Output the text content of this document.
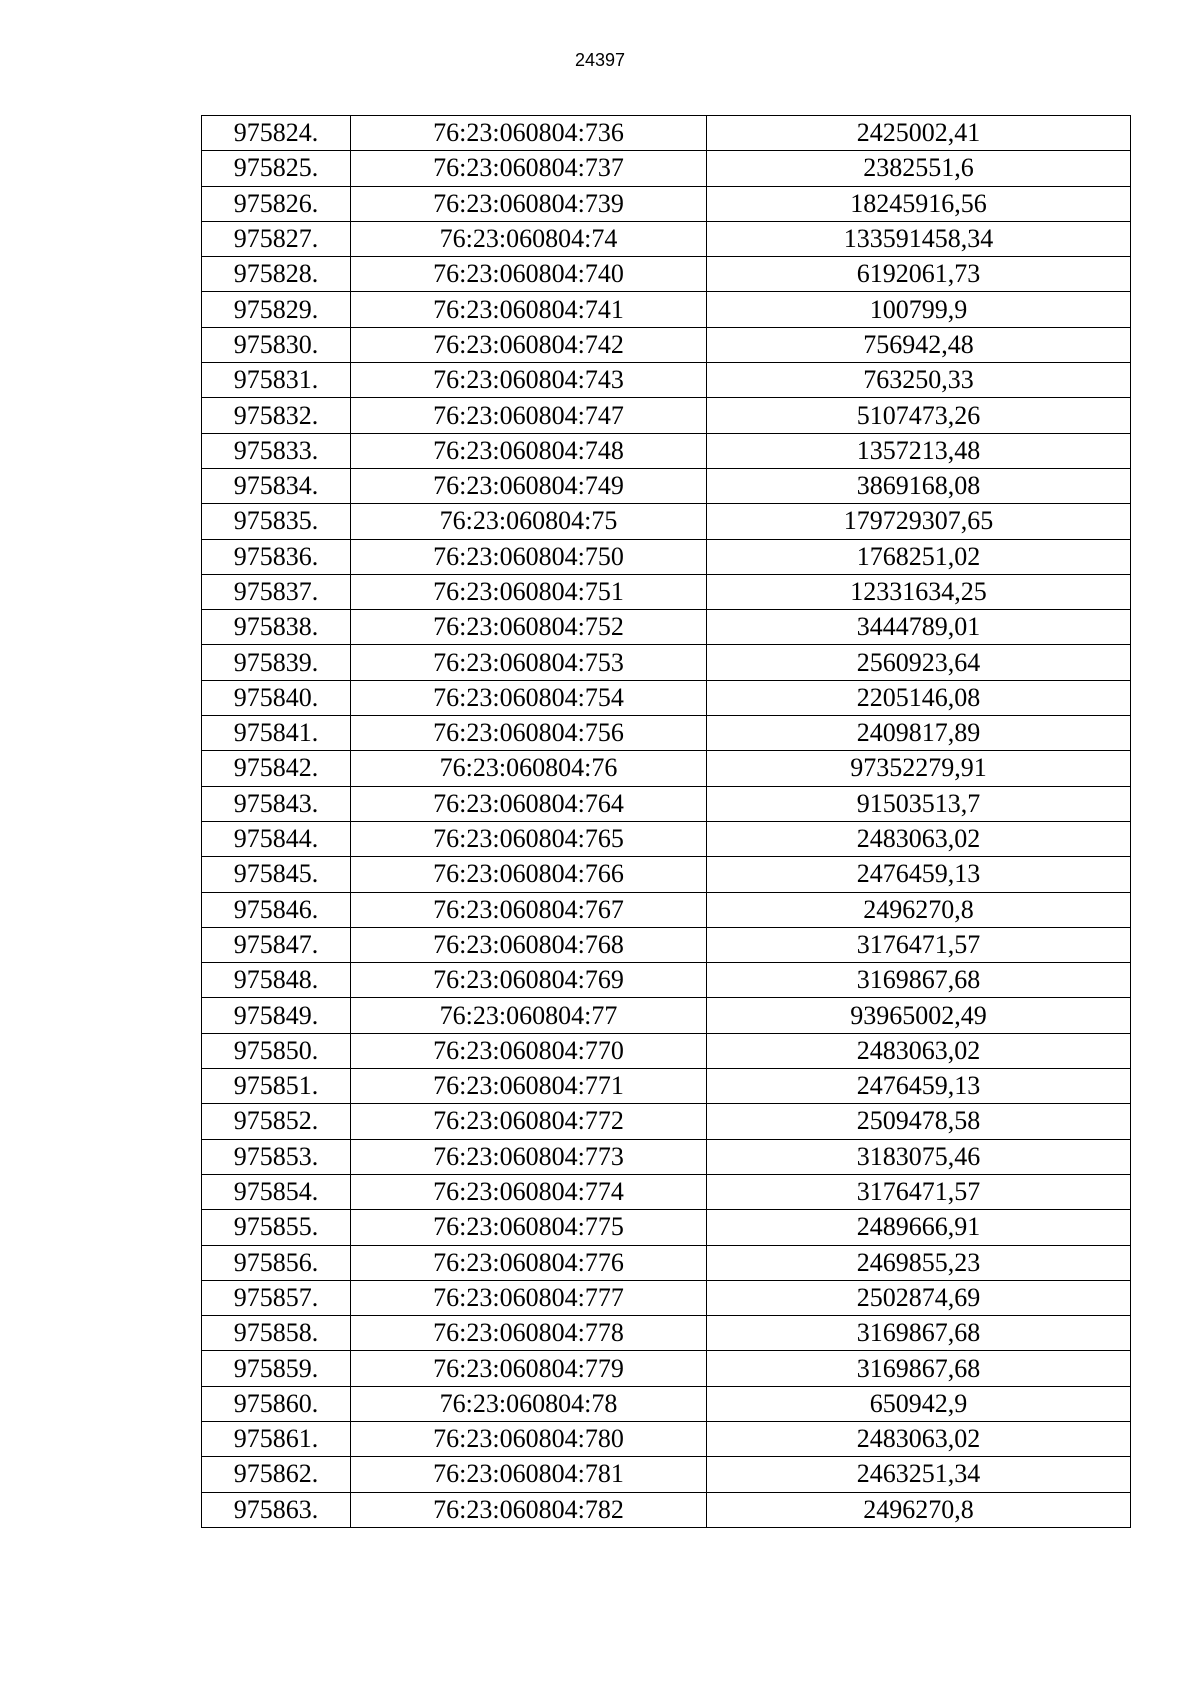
24397
975824.	76:23:060804:736	2425002,41
975825.	76:23:060804:737	2382551,6
975826.	76:23:060804:739	18245916,56
975827.	76:23:060804:74	133591458,34
975828.	76:23:060804:740	6192061,73
975829.	76:23:060804:741	100799,9
975830.	76:23:060804:742	756942,48
975831.	76:23:060804:743	763250,33
975832.	76:23:060804:747	5107473,26
975833.	76:23:060804:748	1357213,48
975834.	76:23:060804:749	3869168,08
975835.	76:23:060804:75	179729307,65
975836.	76:23:060804:750	1768251,02
975837.	76:23:060804:751	12331634,25
975838.	76:23:060804:752	3444789,01
975839.	76:23:060804:753	2560923,64
975840.	76:23:060804:754	2205146,08
975841.	76:23:060804:756	2409817,89
975842.	76:23:060804:76	97352279,91
975843.	76:23:060804:764	91503513,7
975844.	76:23:060804:765	2483063,02
975845.	76:23:060804:766	2476459,13
975846.	76:23:060804:767	2496270,8
975847.	76:23:060804:768	3176471,57
975848.	76:23:060804:769	3169867,68
975849.	76:23:060804:77	93965002,49
975850.	76:23:060804:770	2483063,02
975851.	76:23:060804:771	2476459,13
975852.	76:23:060804:772	2509478,58
975853.	76:23:060804:773	3183075,46
975854.	76:23:060804:774	3176471,57
975855.	76:23:060804:775	2489666,91
975856.	76:23:060804:776	2469855,23
975857.	76:23:060804:777	2502874,69
975858.	76:23:060804:778	3169867,68
975859.	76:23:060804:779	3169867,68
975860.	76:23:060804:78	650942,9
975861.	76:23:060804:780	2483063,02
975862.	76:23:060804:781	2463251,34
975863.	76:23:060804:782	2496270,8
